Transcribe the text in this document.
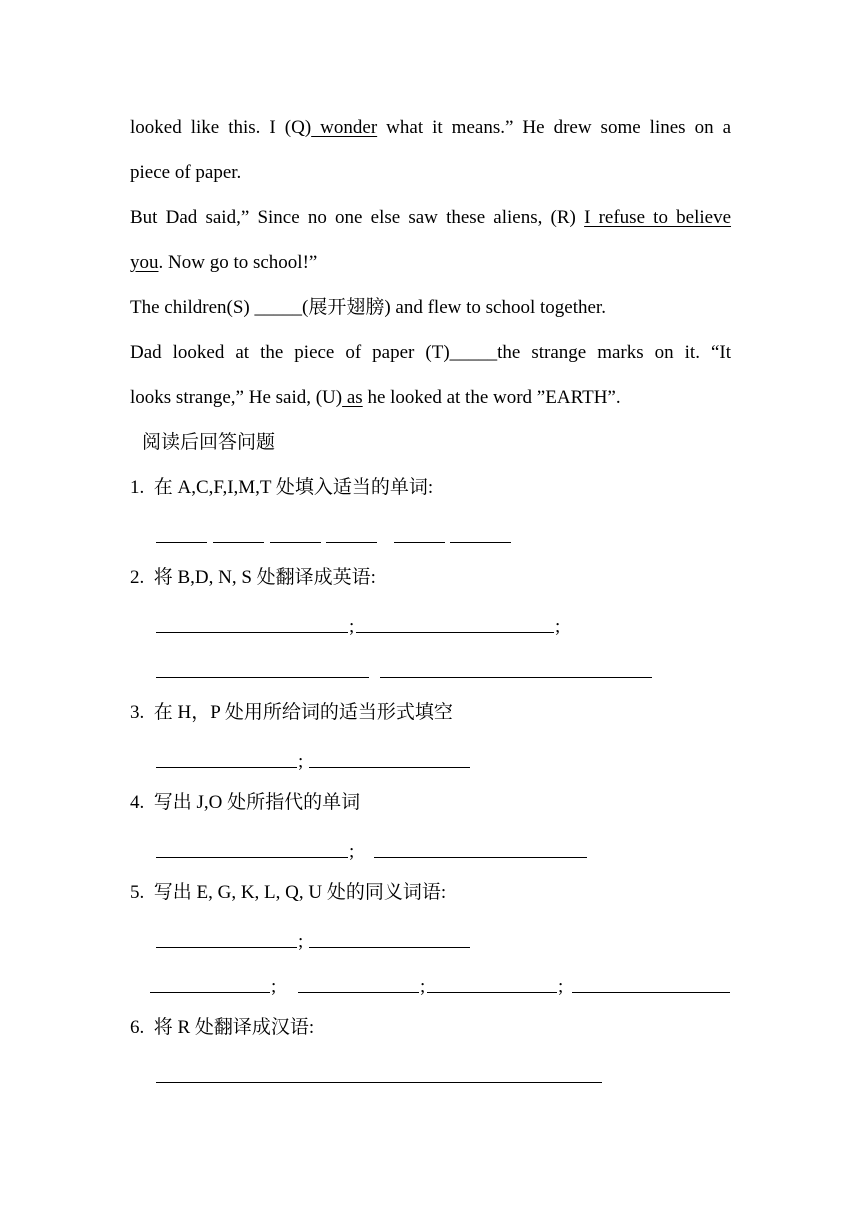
looked like this. I (Q) wonder what it means.” He drew some lines on a
piece of paper.
But Dad said,” Since no one else saw these aliens, (R) I refuse to believe
you. Now go to school!”
The children(S) _____(展开翅膀) and flew to school together.
Dad looked at the piece of paper (T)_____the strange marks on it. “It
looks strange,” He said, (U) as he looked at the word ”EARTH”.
阅读后回答问题
1. 在 A,C,F,I,M,T 处填入适当的单词:
2. 将 B,D, N, S 处翻译成英语:
;	;
3. 在 H，P 处用所给词的适当形式填空
;
4. 写出 J,O 处所指代的单词
;
5. 写出 E, G, K, L, Q, U 处的同义词语:
;
;	;	;
6. 将 R 处翻译成汉语:
